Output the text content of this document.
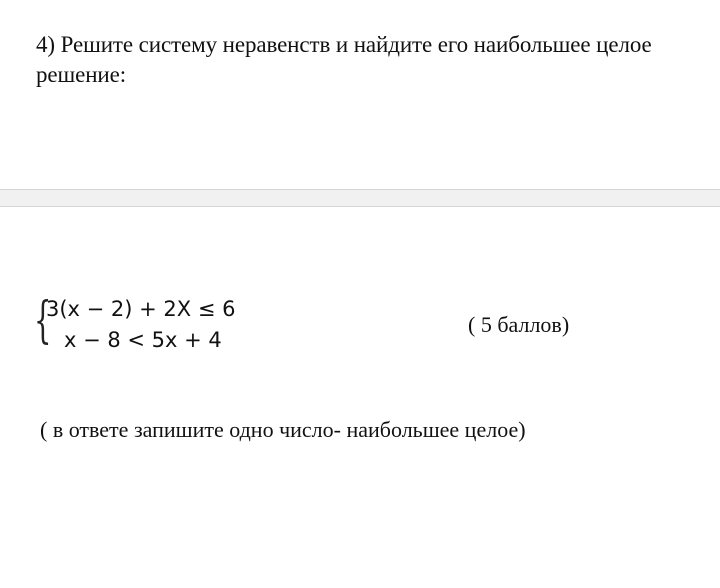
4) Решите систему неравенств и найдите его наибольшее целое
решение:
{
3(x − 2) + 2X ≤ 6
x − 8 < 5x + 4
( 5 баллов)
( в ответе запишите одно число- наибольшее целое)
